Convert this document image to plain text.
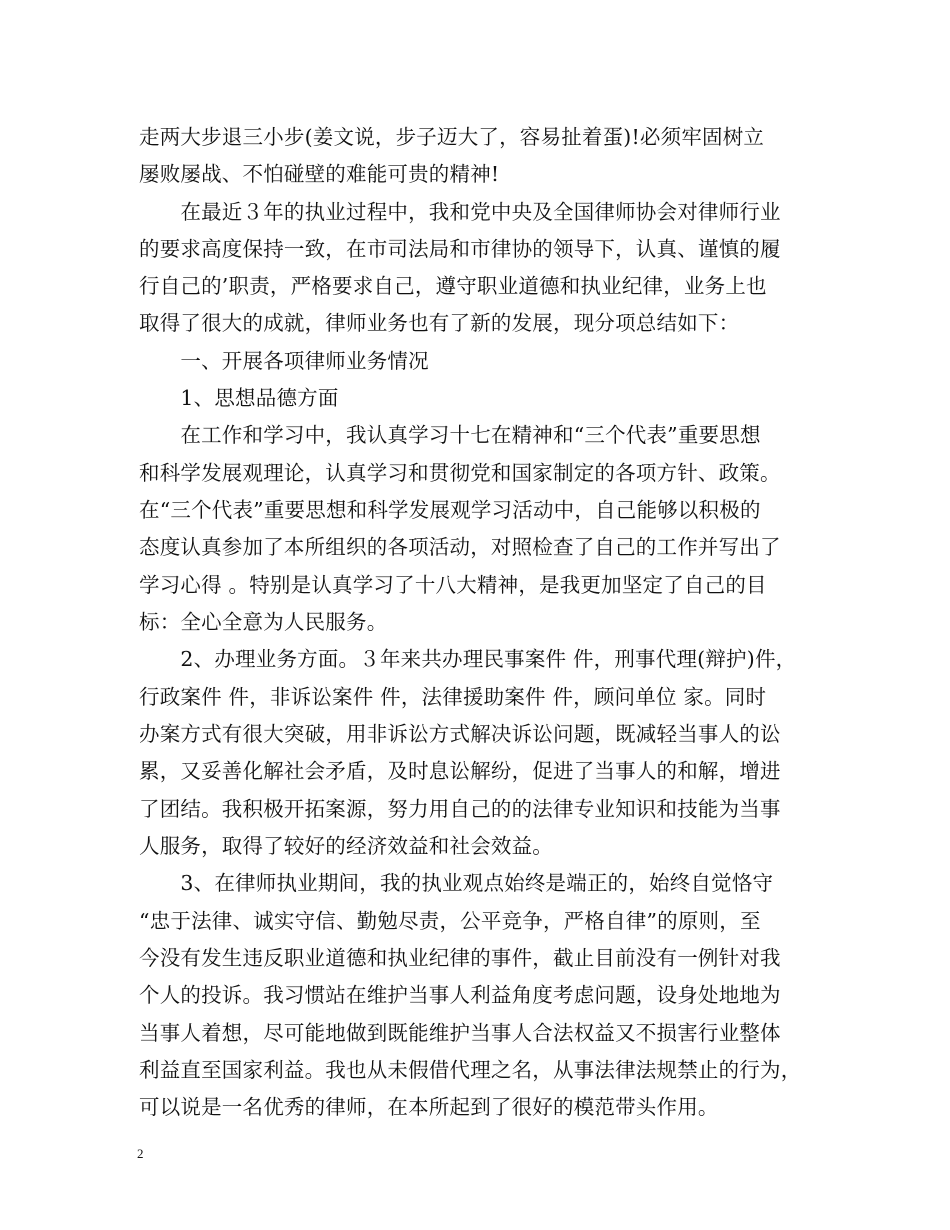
走两大步退三小步(姜文说，步子迈大了，容易扯着蛋)!必须牢固树立
屡败屡战、不怕碰壁的难能可贵的精神!
　　在最近３年的执业过程中，我和党中央及全国律师协会对律师行业
的要求高度保持一致，在市司法局和市律协的领导下，认真、谨慎的履
行自己的’职责，严格要求自己，遵守职业道德和执业纪律，业务上也
取得了很大的成就，律师业务也有了新的发展，现分项总结如下：
　　一、开展各项律师业务情况
　　1、思想品德方面
　　在工作和学习中，我认真学习十七在精神和“三个代表”重要思想
和科学发展观理论，认真学习和贯彻党和国家制定的各项方针、政策。
在“三个代表”重要思想和科学发展观学习活动中，自己能够以积极的
态度认真参加了本所组织的各项活动，对照检查了自己的工作并写出了
学习心得 。特别是认真学习了十八大精神，是我更加坚定了自己的目
标：全心全意为人民服务。
　　2、办理业务方面。３年来共办理民事案件 件，刑事代理(辩护)件，
行政案件 件，非诉讼案件 件，法律援助案件 件，顾问单位 家。同时
办案方式有很大突破，用非诉讼方式解决诉讼问题，既减轻当事人的讼
累，又妥善化解社会矛盾，及时息讼解纷，促进了当事人的和解，增进
了团结。我积极开拓案源，努力用自己的的法律专业知识和技能为当事
人服务，取得了较好的经济效益和社会效益。
　　3、在律师执业期间，我的执业观点始终是端正的，始终自觉恪守
“忠于法律、诚实守信、勤勉尽责，公平竞争，严格自律”的原则，至
今没有发生违反职业道德和执业纪律的事件，截止目前没有一例针对我
个人的投诉。我习惯站在维护当事人利益角度考虑问题，设身处地地为
当事人着想，尽可能地做到既能维护当事人合法权益又不损害行业整体
利益直至国家利益。我也从未假借代理之名，从事法律法规禁止的行为，
可以说是一名优秀的律师，在本所起到了很好的模范带头作用。
2
